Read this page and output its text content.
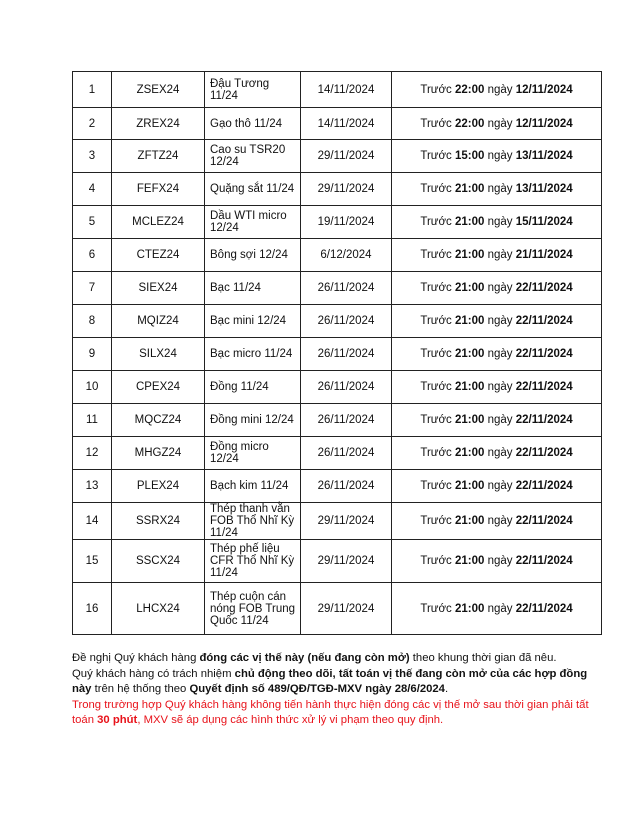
1	ZSEX24	Đậu Tương 11/24	14/11/2024	Trước 22:00 ngày 12/11/2024
2	ZREX24	Gạo thô 11/24	14/11/2024	Trước 22:00 ngày 12/11/2024
3	ZFTZ24	Cao su TSR20 12/24	29/11/2024	Trước 15:00 ngày 13/11/2024
4	FEFX24	Quặng sắt 11/24	29/11/2024	Trước 21:00 ngày 13/11/2024
5	MCLEZ24	Dầu WTI micro 12/24	19/11/2024	Trước 21:00 ngày 15/11/2024
6	CTEZ24	Bông sợi 12/24	6/12/2024	Trước 21:00 ngày 21/11/2024
7	SIEX24	Bạc 11/24	26/11/2024	Trước 21:00 ngày 22/11/2024
8	MQIZ24	Bạc mini 12/24	26/11/2024	Trước 21:00 ngày 22/11/2024
9	SILX24	Bạc micro 11/24	26/11/2024	Trước 21:00 ngày 22/11/2024
10	CPEX24	Đồng 11/24	26/11/2024	Trước 21:00 ngày 22/11/2024
11	MQCZ24	Đồng mini 12/24	26/11/2024	Trước 21:00 ngày 22/11/2024
12	MHGZ24	Đồng micro 12/24	26/11/2024	Trước 21:00 ngày 22/11/2024
13	PLEX24	Bạch kim 11/24	26/11/2024	Trước 21:00 ngày 22/11/2024
14	SSRX24	Thép thanh vằn FOB Thổ Nhĩ Kỳ 11/24	29/11/2024	Trước 21:00 ngày 22/11/2024
15	SSCX24	Thép phế liệu CFR Thổ Nhĩ Kỳ 11/24	29/11/2024	Trước 21:00 ngày 22/11/2024
16	LHCX24	Thép cuộn cán nóng FOB Trung Quốc 11/24	29/11/2024	Trước 21:00 ngày 22/11/2024

Đề nghị Quý khách hàng đóng các vị thế này (nếu đang còn mở) theo khung thời gian đã nêu.

Quý khách hàng có trách nhiệm chủ động theo dõi, tất toán vị thế đang còn mở của các hợp đồng này trên hệ thống theo Quyết định số 489/QĐ/TGĐ-MXV ngày 28/6/2024.

Trong trường hợp Quý khách hàng không tiến hành thực hiện đóng các vị thế mở sau thời gian phải tất toán 30 phút, MXV sẽ áp dụng các hình thức xử lý vi phạm theo quy định.
